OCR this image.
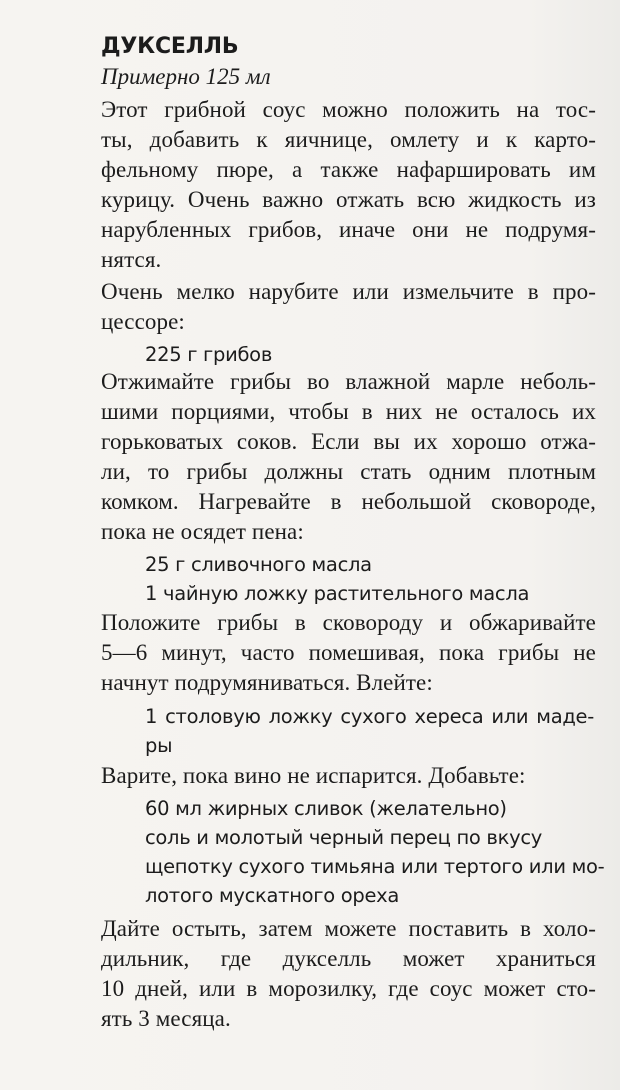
ДУКСЕЛЛЬ
Примерно 125 мл
Этот грибной соус можно положить на тос-
ты, добавить к яичнице, омлету и к карто-
фельному пюре, а также нафаршировать им
курицу. Очень важно отжать всю жидкость из
нарубленных грибов, иначе они не подрумя-
нятся.
Очень мелко нарубите или измельчите в про-
цессоре:
225 г грибов
Отжимайте грибы во влажной марле неболь-
шими порциями, чтобы в них не осталось их
горьковатых соков. Если вы их хорошо отжа-
ли, то грибы должны стать одним плотным
комком. Нагревайте в небольшой сковороде,
пока не осядет пена:
25 г сливочного масла
1 чайную ложку растительного масла
Положите грибы в сковороду и обжаривайте
5—6 минут, часто помешивая, пока грибы не
начнут подрумяниваться. Влейте:
1 столовую ложку сухого хереса или маде-
ры
Варите, пока вино не испарится. Добавьте:
60 мл жирных сливок (желательно)
соль и молотый черный перец по вкусу
щепотку сухого тимьяна или тертого или мо-
лотого мускатного ореха
Дайте остыть, затем можете поставить в холо-
дильник, где дукселль может храниться
10 дней, или в морозилку, где соус может сто-
ять 3 месяца.
